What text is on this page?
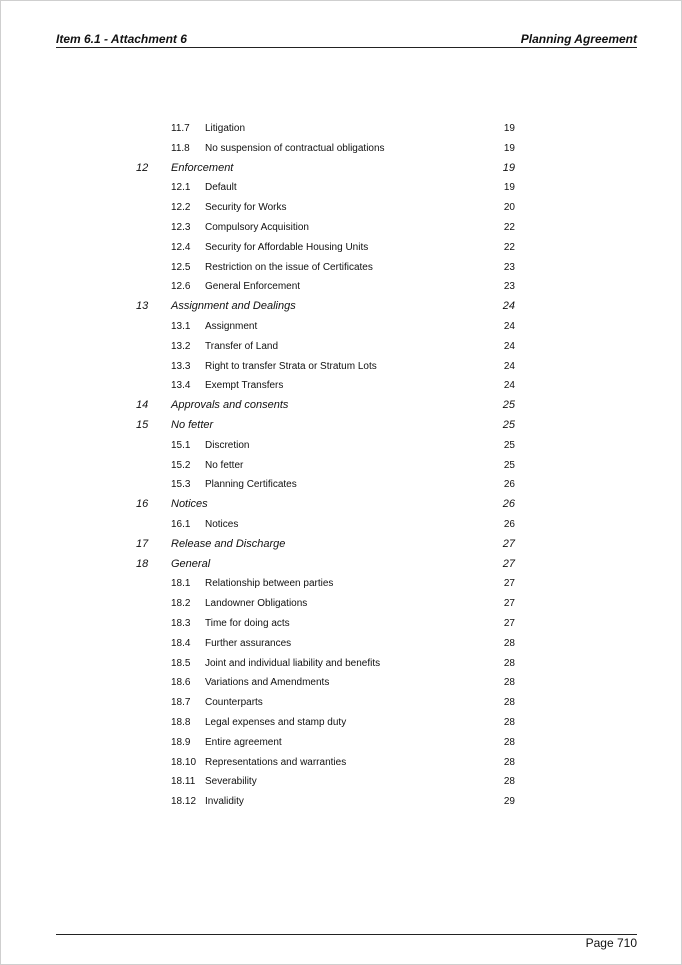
Item 6.1 - Attachment 6	Planning Agreement
11.7 Litigation	19
11.8 No suspension of contractual obligations	19
12 Enforcement	19
12.1 Default	19
12.2 Security for Works	20
12.3 Compulsory Acquisition	22
12.4 Security for Affordable Housing Units	22
12.5 Restriction on the issue of Certificates	23
12.6 General Enforcement	23
13 Assignment and Dealings	24
13.1 Assignment	24
13.2 Transfer of Land	24
13.3 Right to transfer Strata or Stratum Lots	24
13.4 Exempt Transfers	24
14 Approvals and consents	25
15 No fetter	25
15.1 Discretion	25
15.2 No fetter	25
15.3 Planning Certificates	26
16 Notices	26
16.1 Notices	26
17 Release and Discharge	27
18 General	27
18.1 Relationship between parties	27
18.2 Landowner Obligations	27
18.3 Time for doing acts	27
18.4 Further assurances	28
18.5 Joint and individual liability and benefits	28
18.6 Variations and Amendments	28
18.7 Counterparts	28
18.8 Legal expenses and stamp duty	28
18.9 Entire agreement	28
18.10 Representations and warranties	28
18.11 Severability	28
18.12 Invalidity	29
Page 710
